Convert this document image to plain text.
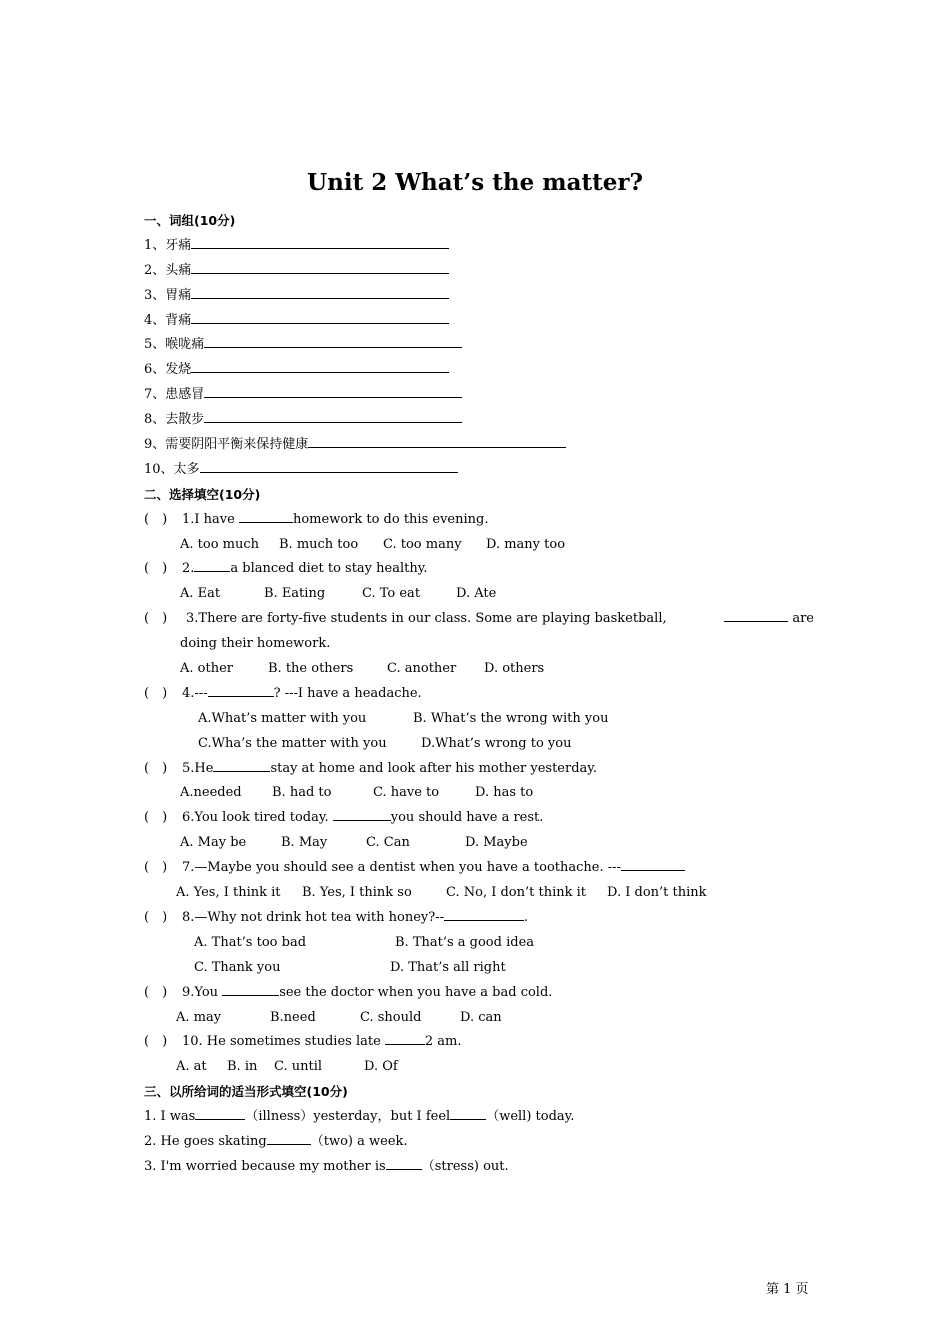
Unit 2 What’s the matter?
一、词组(10分)
1、牙痛
2、头痛
3、胃痛
4、背痛
5、喉咙痛
6、发烧
7、患感冒
8、去散步
9、需要阴阳平衡来保持健康
10、太多
二、选择填空(10分)
(　) 1.I have	homework to do this evening.
A. too much B. much too C. too many D. many too
(　) 2.	a blanced diet to stay healthy.
A. Eat	B. Eating	C. To eat	D. Ate
(　) 3.There are forty-five students in our class. Some are playing basketball,	are
doing their homework.
A. other	B. the others	C. another D. others
(　) 4.---	? ---I have a headache.
A.What’s matter with you	B. What’s the wrong with you
C.Wha’s the matter with you	D.What’s wrong to you
(　) 5.He	stay at home and look after his mother yesterday.
A.needed B. had to	C. have to	D. has to
(　) 6.You look tired today.	you should have a rest.
A. May be	B. May	C. Can	D. Maybe
(　) 7.—Maybe you should see a dentist when you have a toothache. ---
A. Yes, I think it B. Yes, I think so	C. No, I don’t think it D. I don’t think
(　) 8.—Why not drink hot tea with honey?--	.
A. That’s too bad	B. That’s a good idea
C. Thank you	D. That’s all right
(　) 9.You	see the doctor when you have a bad cold.
A. may	B.need	C. should	D. can
(　) 10. He sometimes studies late	2 am.
A. at B. in C. until	D. Of
三、以所给词的适当形式填空(10分)
1. I was	（illness）yesterday，but I feel	（well) today.
2. He goes skating	（two) a week.
3. I'm worried because my mother is	（stress) out.
第 1 页
